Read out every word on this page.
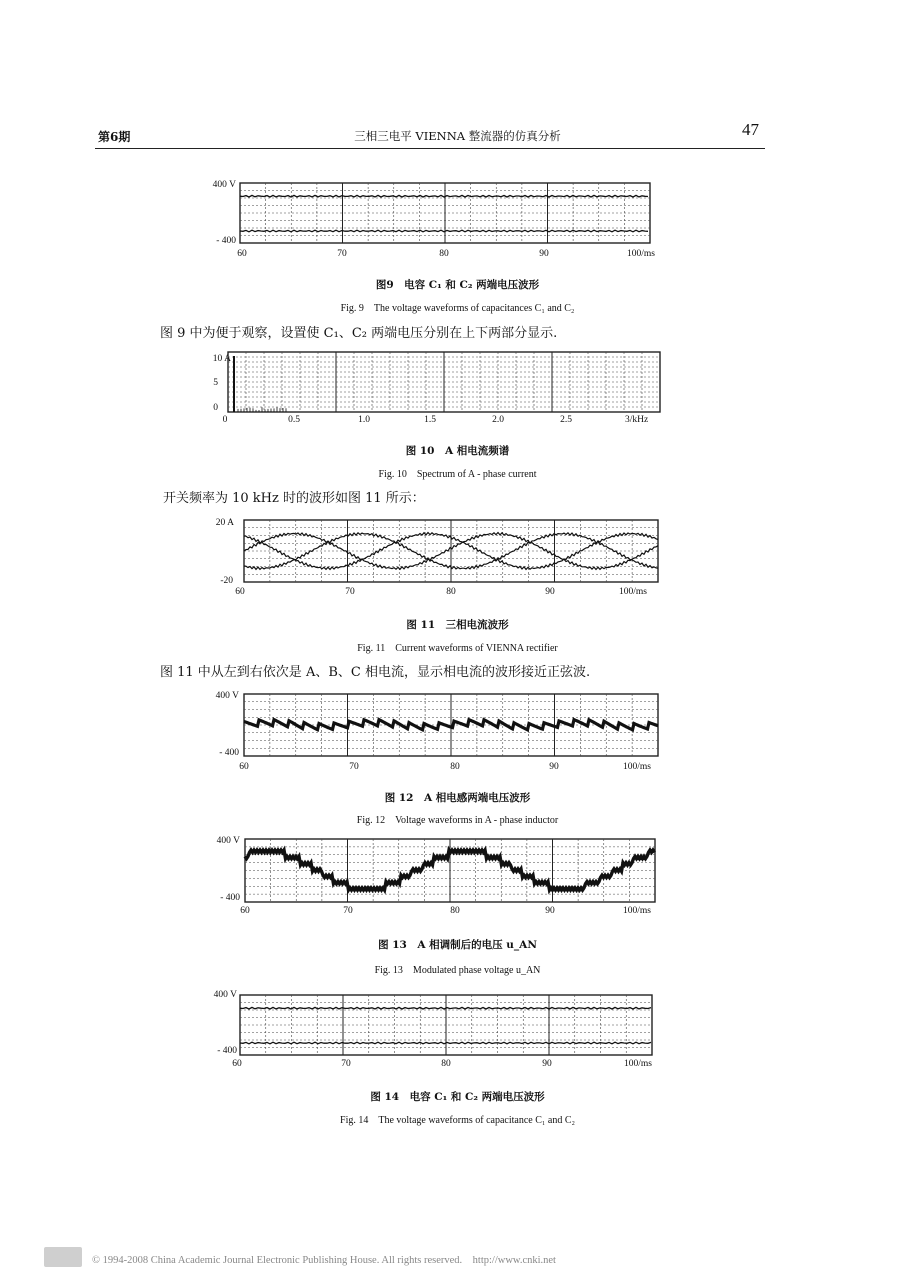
第6期	三相三电平 VIENNA 整流器的仿真分析	47
400 V
- 400
60	70	80	90	100/ms
图9　电容 C₁ 和 C₂ 两端电压波形
Fig. 9　The voltage waveforms of capacitances C₁ and C₂
图 9 中为便于观察，设置使 C₁、C₂ 两端电压分别在上下两部分显示.
10 A
5
0
0	0.5	1.0	1.5	2.0	2.5	3/kHz
图 10　A 相电流频谱
Fig. 10　Spectrum of A - phase current
开关频率为 10 kHz 时的波形如图 11 所示：
20 A
-20
60	70	80	90	100/ms
图 11　三相电流波形
Fig. 11　Current waveforms of VIENNA rectifier
图 11 中从左到右依次是 A、B、C 相电流，显示相电流的波形接近正弦波.
400 V
- 400
60	70	80	90	100/ms
图 12　A 相电感两端电压波形
Fig. 12　Voltage waveforms in A - phase inductor
400 V
- 400
60	70	80	90	100/ms
图 13　A 相调制后的电压 u_AN
Fig. 13　Modulated phase voltage u_AN
400 V
- 400
60	70	80	90	100/ms
图 14　电容 C₁ 和 C₂ 两端电压波形
Fig. 14　The voltage waveforms of capacitance C₁ and C₂
© 1994-2008 China Academic Journal Electronic Publishing House. All rights reserved.　http://www.cnki.net
